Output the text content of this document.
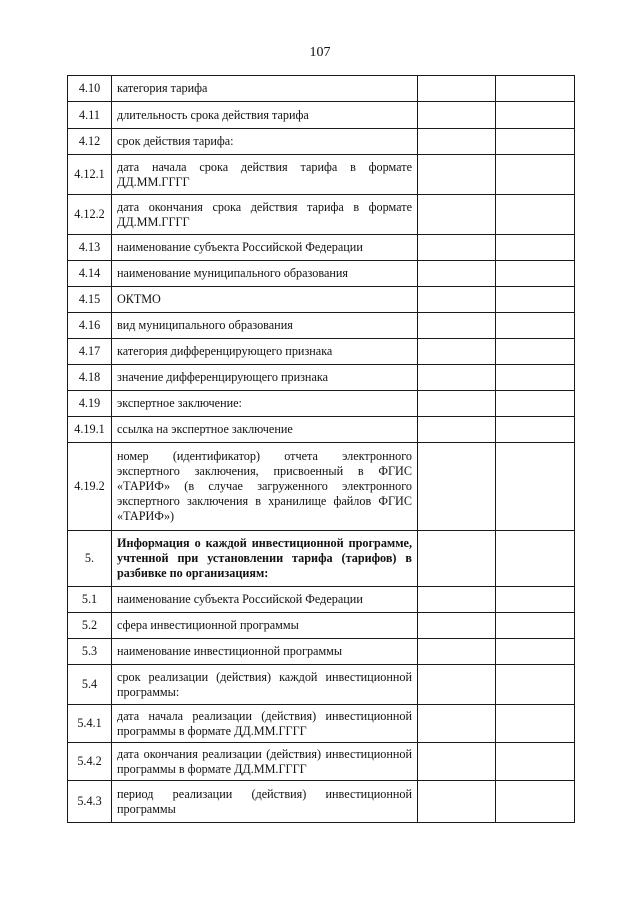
107
4.10	категория тарифа		
4.11	длительность срока действия тарифа		
4.12	срок действия тарифа:		
4.12.1	дата начала срока действия тарифа в формате ДД.ММ.ГГГГ		
4.12.2	дата окончания срока действия тарифа в формате ДД.ММ.ГГГГ		
4.13	наименование субъекта Российской Федерации		
4.14	наименование муниципального образования		
4.15	ОКТМО		
4.16	вид муниципального образования		
4.17	категория дифференцирующего признака		
4.18	значение дифференцирующего признака		
4.19	экспертное заключение:		
4.19.1	ссылка на экспертное заключение		
4.19.2	номер (идентификатор) отчета электронного экспертного заключения, присвоенный в ФГИС «ТАРИФ» (в случае загруженного электронного экспертного заключения в хранилище файлов ФГИС «ТАРИФ»)		
5.	Информация о каждой инвестиционной программе, учтенной при установлении тарифа (тарифов) в разбивке по организациям:		
5.1	наименование субъекта Российской Федерации		
5.2	сфера инвестиционной программы		
5.3	наименование инвестиционной программы		
5.4	срок реализации (действия) каждой инвестиционной программы:		
5.4.1	дата начала реализации (действия) инвестиционной программы в формате ДД.ММ.ГГГГ		
5.4.2	дата окончания реализации (действия) инвестиционной программы в формате ДД.ММ.ГГГГ		
5.4.3	период реализации (действия) инвестиционной программы		
